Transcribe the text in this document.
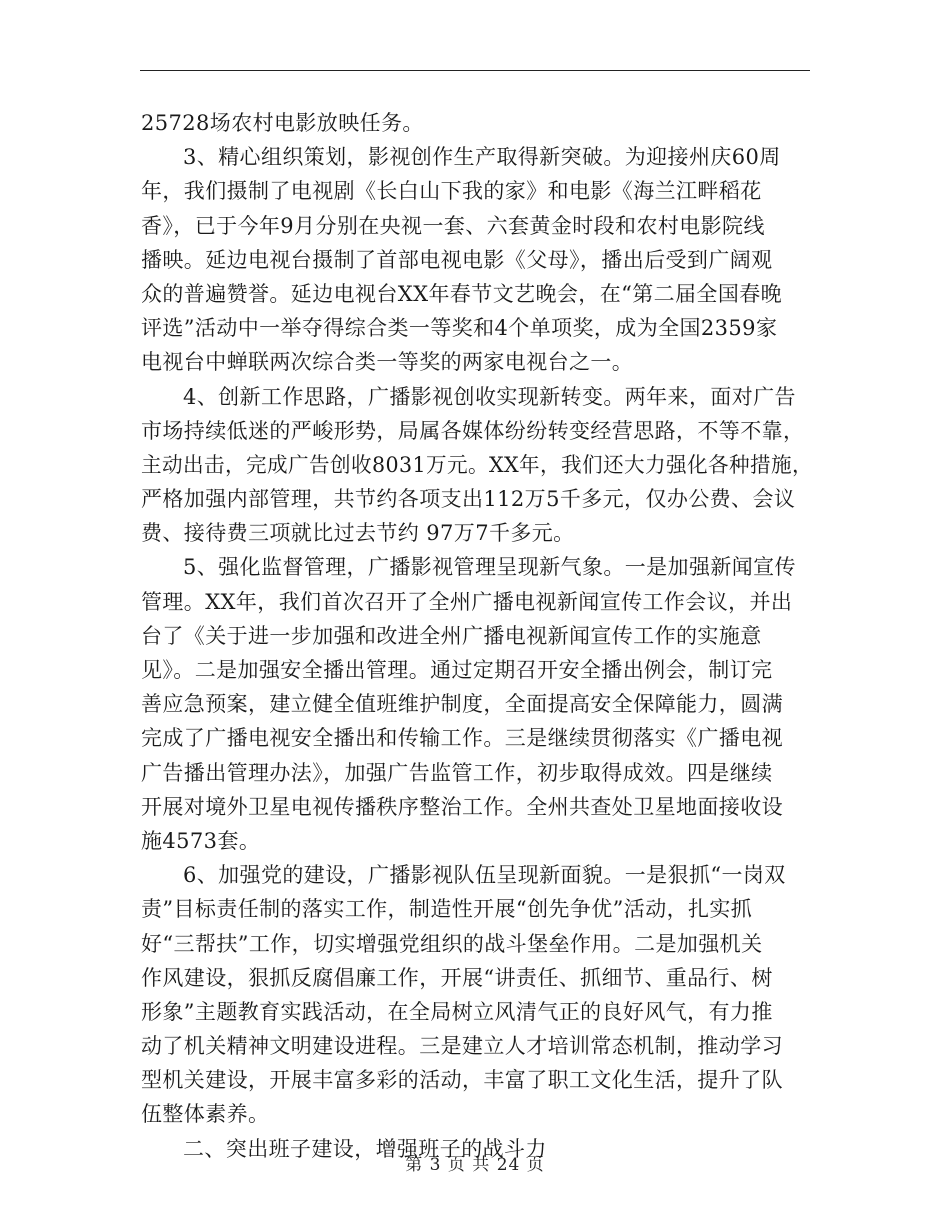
25728场农村电影放映任务。
3、精心组织策划，影视创作生产取得新突破。为迎接州庆60周
年，我们摄制了电视剧《长白山下我的家》和电影《海兰江畔稻花
香》，已于今年9月分别在央视一套、六套黄金时段和农村电影院线
播映。延边电视台摄制了首部电视电影《父母》，播出后受到广阔观
众的普遍赞誉。延边电视台XX年春节文艺晚会，在“第二届全国春晚
评选”活动中一举夺得综合类一等奖和4个单项奖，成为全国2359家
电视台中蝉联两次综合类一等奖的两家电视台之一。
4、创新工作思路，广播影视创收实现新转变。两年来，面对广告
市场持续低迷的严峻形势，局属各媒体纷纷转变经营思路，不等不靠，
主动出击，完成广告创收8031万元。XX年，我们还大力强化各种措施，
严格加强内部管理，共节约各项支出112万5千多元，仅办公费、会议
费、接待费三项就比过去节约 97万7千多元。
5、强化监督管理，广播影视管理呈现新气象。一是加强新闻宣传
管理。XX年，我们首次召开了全州广播电视新闻宣传工作会议，并出
台了《关于进一步加强和改进全州广播电视新闻宣传工作的实施意
见》。二是加强安全播出管理。通过定期召开安全播出例会，制订完
善应急预案，建立健全值班维护制度，全面提高安全保障能力，圆满
完成了广播电视安全播出和传输工作。三是继续贯彻落实《广播电视
广告播出管理办法》，加强广告监管工作，初步取得成效。四是继续
开展对境外卫星电视传播秩序整治工作。全州共查处卫星地面接收设
施4573套。
6、加强党的建设，广播影视队伍呈现新面貌。一是狠抓“一岗双
责”目标责任制的落实工作，制造性开展“创先争优”活动，扎实抓
好“三帮扶”工作，切实增强党组织的战斗堡垒作用。二是加强机关
作风建设，狠抓反腐倡廉工作，开展“讲责任、抓细节、重品行、树
形象”主题教育实践活动，在全局树立风清气正的良好风气，有力推
动了机关精神文明建设进程。三是建立人才培训常态机制，推动学习
型机关建设，开展丰富多彩的活动，丰富了职工文化生活，提升了队
伍整体素养。
二、突出班子建设，增强班子的战斗力
第 3 页 共 24 页
